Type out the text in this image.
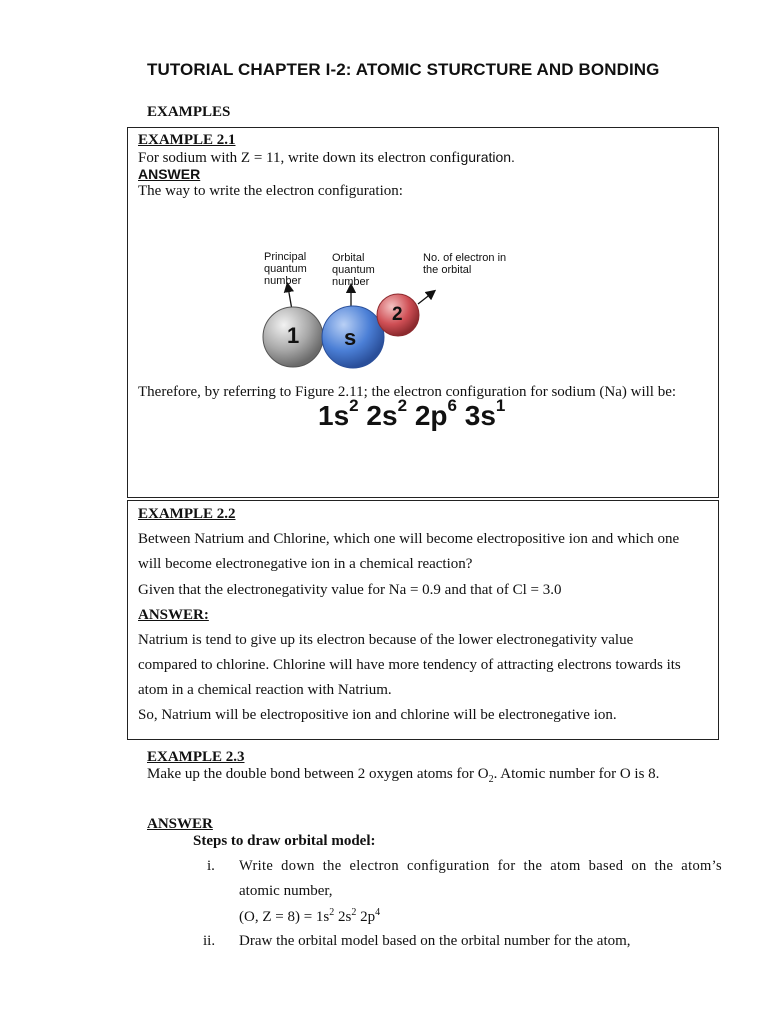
TUTORIAL CHAPTER I-2: ATOMIC STURCTURE AND BONDING
EXAMPLES
EXAMPLE 2.1
For sodium with Z = 11, write down its electron configuration.
ANSWER
The way to write the electron configuration:
Principal
quantum
number
Orbital
quantum
number
No. of electron in
the orbital
1 s
2
Therefore, by referring to Figure 2.11; the electron configuration for sodium (Na) will be:
$1s^2$ $2s^2$ $2p^6$ $3s^1$
EXAMPLE 2.2
Between Natrium and Chlorine, which one will become electropositive ion and which one
will become electronegative ion in a chemical reaction?
Given that the electronegativity value for Na = 0.9 and that of Cl = 3.0
ANSWER:
Natrium is tend to give up its electron because of the lower electronegativity value
compared to chlorine. Chlorine will have more tendency of attracting electrons towards its
atom in a chemical reaction with Natrium.
So, Natrium will be electropositive ion and chlorine will be electronegative ion.
EXAMPLE 2.3
Make up the double bond between 2 oxygen atoms for $O_2$. Atomic number for O is 8.
ANSWER
Steps to draw orbital model:
i. Write down the electron configuration for the atom based on the atom’s
atomic number,
(O, $Z = 8) = 1s^2$ $2s^2$ $2p^4$
ii. Draw the orbital model based on the orbital number for the atom,
